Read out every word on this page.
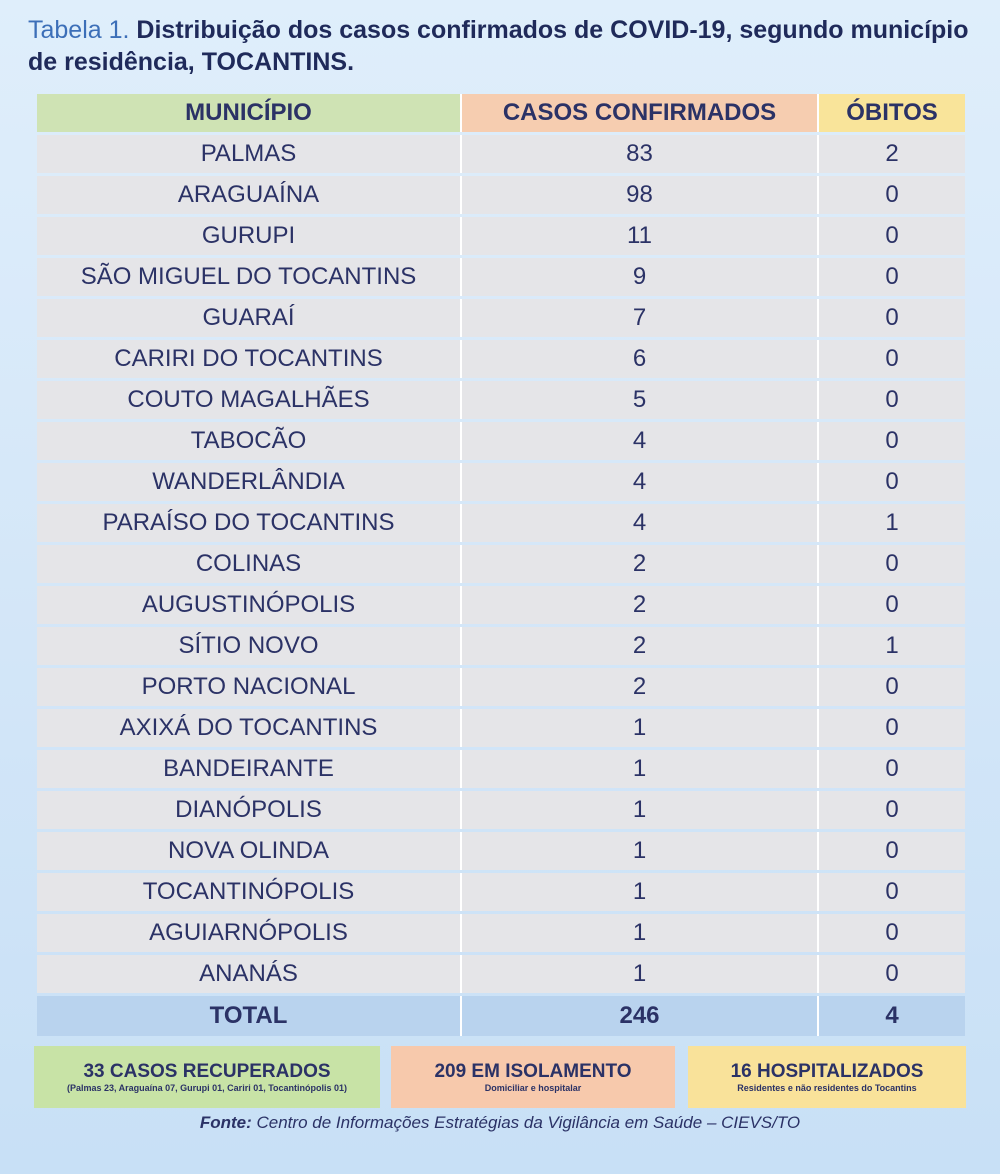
Tabela 1. Distribuição dos casos confirmados de COVID-19, segundo município de residência, TOCANTINS.
MUNICÍPIO	CASOS CONFIRMADOS	ÓBITOS
PALMAS	83	2
ARAGUAÍNA	98	0
GURUPI	11	0
SÃO MIGUEL DO TOCANTINS	9	0
GUARAÍ	7	0
CARIRI DO TOCANTINS	6	0
COUTO MAGALHÃES	5	0
TABOCÃO	4	0
WANDERLÂNDIA	4	0
PARAÍSO DO TOCANTINS	4	1
COLINAS	2	0
AUGUSTINÓPOLIS	2	0
SÍTIO NOVO	2	1
PORTO NACIONAL	2	0
AXIXÁ DO TOCANTINS	1	0
BANDEIRANTE	1	0
DIANÓPOLIS	1	0
NOVA OLINDA	1	0
TOCANTINÓPOLIS	1	0
AGUIARNÓPOLIS	1	0
ANANÁS	1	0
TOTAL	246	4
33 CASOS RECUPERADOS
(Palmas 23, Araguaína 07, Gurupi 01, Cariri 01, Tocantinópolis 01)
209 EM ISOLAMENTO
Domiciliar e hospitalar
16 HOSPITALIZADOS
Residentes e não residentes do Tocantins
Fonte: Centro de Informações Estratégias da Vigilância em Saúde – CIEVS/TO
